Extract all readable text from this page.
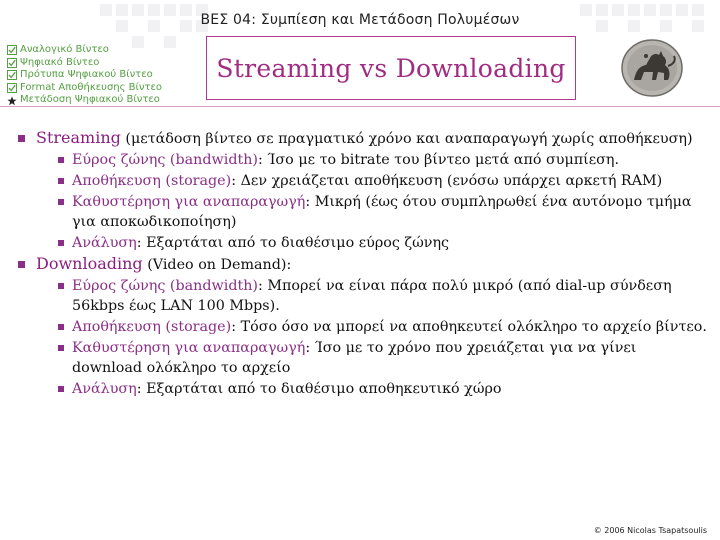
ΒΕΣ 04: Συμπίεση και Μετάδοση Πολυμέσων
Αναλογικό Βίντεο
Ψηφιακό Βίντεο
Πρότυπα Ψηφιακού Βίντεο
Format Αποθήκευσης Βίντεο
Μετάδοση Ψηφιακού Βίντεο
Streaming vs Downloading
Streaming (μετάδοση βίντεο σε πραγματικό χρόνο και αναπαραγωγή χωρίς αποθήκευση)
Εύρος ζώνης (bandwidth): Ίσο με το bitrate του βίντεο μετά από συμπίεση.
Αποθήκευση (storage): Δεν χρειάζεται αποθήκευση (ενόσω υπάρχει αρκετή RAM)
Καθυστέρηση για αναπαραγωγή: Μικρή (έως ότου συμπληρωθεί ένα αυτόνομο τμήμα για αποκωδικοποίηση)
Ανάλυση: Εξαρτάται από το διαθέσιμο εύρος ζώνης
Downloading (Video on Demand):
Εύρος ζώνης (bandwidth): Μπορεί να είναι πάρα πολύ μικρό (από dial-up σύνδεση 56kbps έως LAN 100 Mbps).
Αποθήκευση (storage): Τόσο όσο να μπορεί να αποθηκευτεί ολόκληρο το αρχείο βίντεο.
Καθυστέρηση για αναπαραγωγή: Ίσο με το χρόνο που χρειάζεται για να γίνει download ολόκληρο το αρχείο
Ανάλυση: Εξαρτάται από το διαθέσιμο αποθηκευτικό χώρο
© 2006 Nicolas Tsapatsoulis
